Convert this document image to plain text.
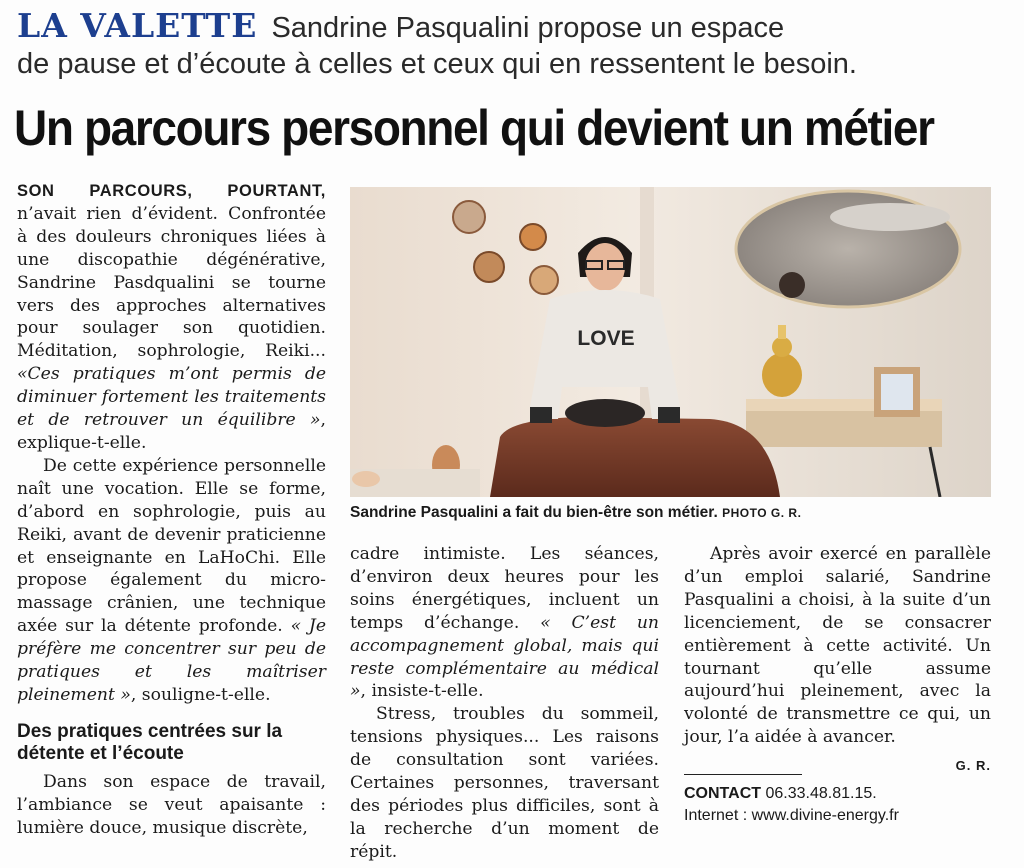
LA VALETTE Sandrine Pasqualini propose un espace
de pause et d’écoute à celles et ceux qui en ressentent le besoin.
Un parcours personnel qui devient un métier

SON PARCOURS, POURTANT, n’avait rien d’évident. Confrontée à des douleurs chroniques liées à une discopathie dégénérative, Sandrine Pasdqualini se tourne vers des approches alternatives pour soulager son quotidien. Méditation, sophrologie, Reiki... «Ces pratiques m’ont permis de diminuer fortement les traitements et de retrouver un équilibre », explique-t-elle.

De cette expérience personnelle naît une vocation. Elle se forme, d’abord en sophrologie, puis au Reiki, avant de devenir praticienne et enseignante en LaHoChi. Elle propose également du micro-massage crânien, une technique axée sur la détente profonde. « Je préfère me concentrer sur peu de pratiques et les maîtriser pleinement », souligne-t-elle.

Des pratiques centrées sur la détente et l’écoute

Dans son espace de travail, l’ambiance se veut apaisante : lumière douce, musique discrète,

LOVE
Sandrine Pasqualini a fait du bien-être son métier. PHOTO G. R.

cadre intimiste. Les séances, d’environ deux heures pour les soins énergétiques, incluent un temps d’échange. « C’est un accompagnement global, mais qui reste complémentaire au médical », insiste-t-elle.

Stress, troubles du sommeil, tensions physiques... Les raisons de consultation sont variées. Certaines personnes, traversant des périodes plus difficiles, sont à la recherche d’un moment de répit.

Après avoir exercé en parallèle d’un emploi salarié, Sandrine Pasqualini a choisi, à la suite d’un licenciement, de se consacrer entièrement à cette activité. Un tournant qu’elle assume aujourd’hui pleinement, avec la volonté de transmettre ce qui, un jour, l’a aidée à avancer.

G. R.

CONTACT 06.33.48.81.15.
Internet : www.divine-energy.fr
